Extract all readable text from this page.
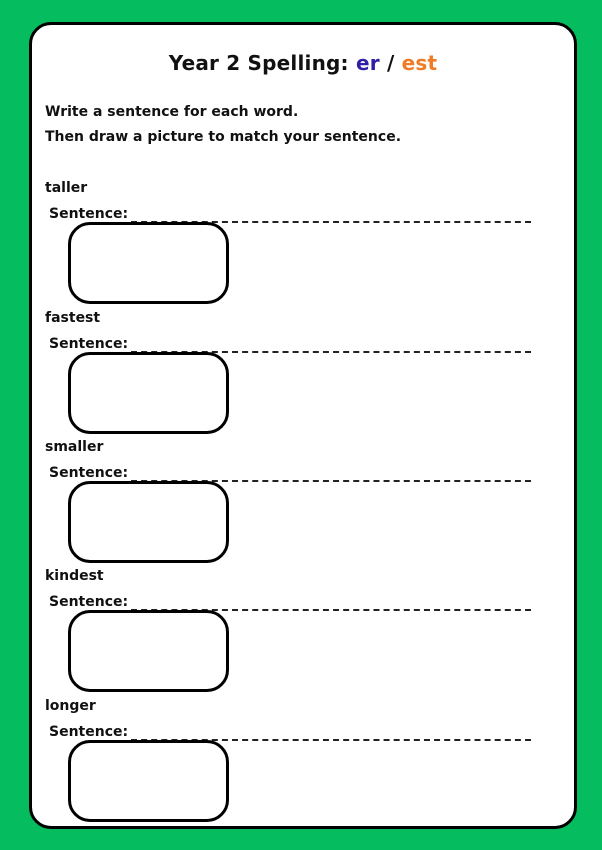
Year 2 Spelling: er / est

Write a sentence for each word.

Then draw a picture to match your sentence.

taller

Sentence:

fastest

Sentence:

smaller

Sentence:

kindest

Sentence:

longer

Sentence:
